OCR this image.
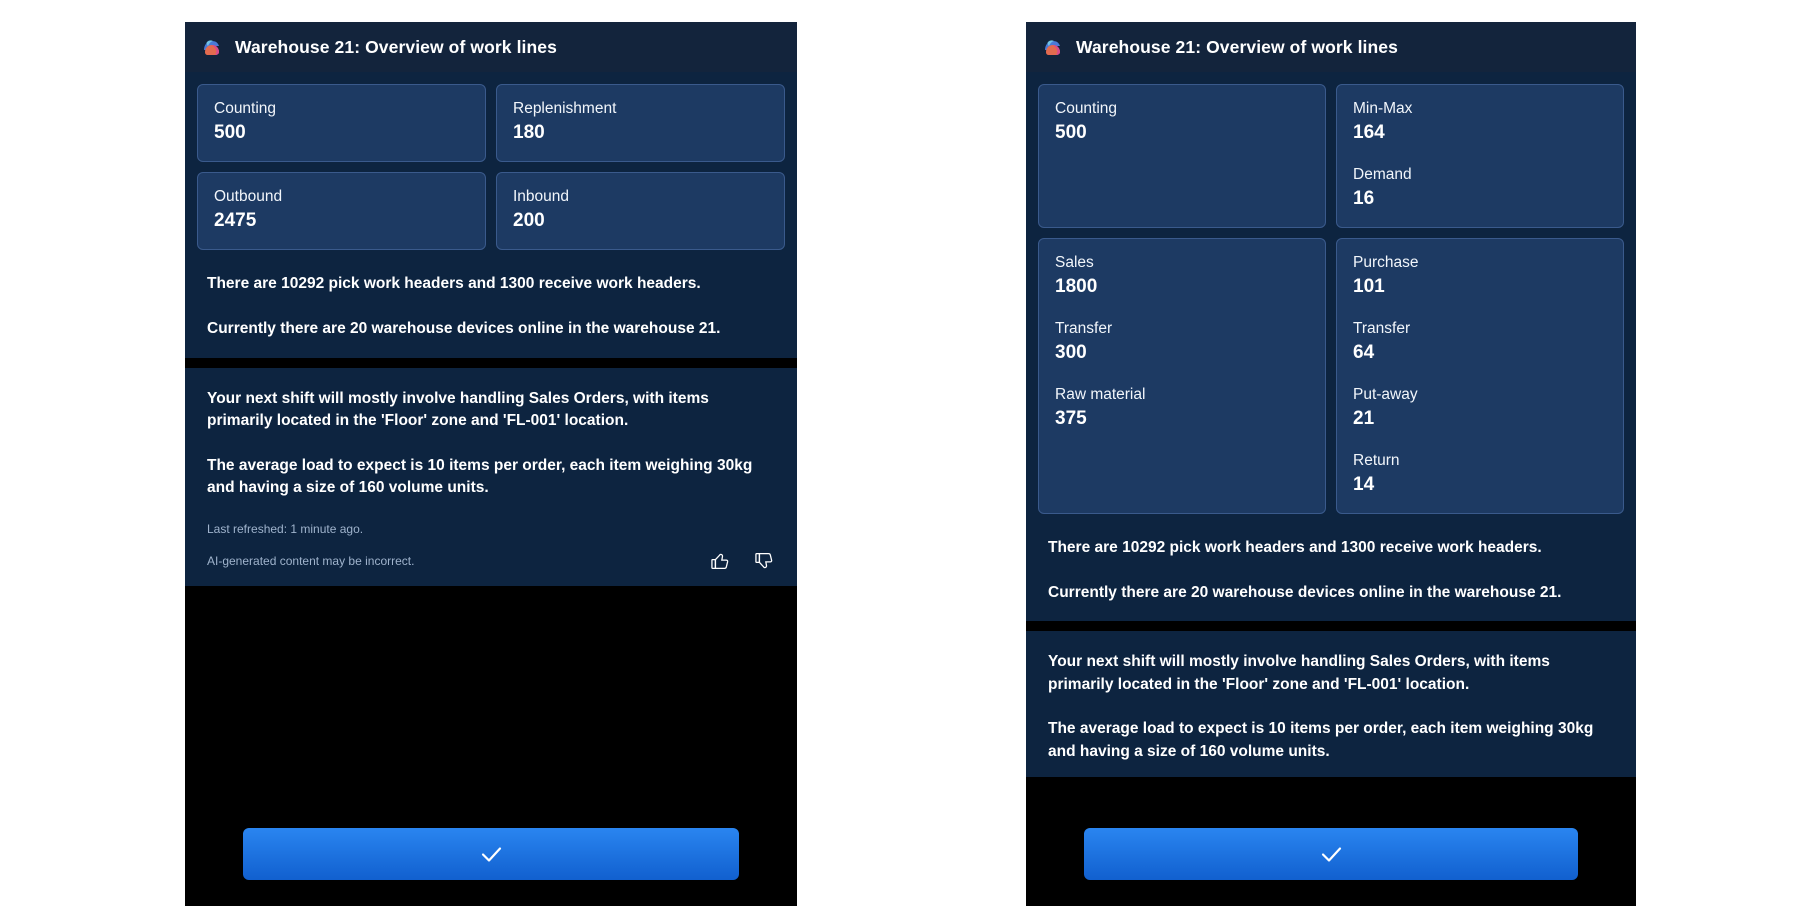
Warehouse 21: Overview of work lines
Counting
500
Replenishment
180
Outbound
2475
Inbound
200
There are 10292 pick work headers and 1300 receive work headers.
Currently there are 20 warehouse devices online in the warehouse 21.
Your next shift will mostly involve handling Sales Orders, with items primarily located in the 'Floor' zone and 'FL-001' location.
The average load to expect is 10 items per order, each item weighing 30kg and having a size of 160 volume units.
Last refreshed: 1 minute ago.
AI-generated content may be incorrect.
Warehouse 21: Overview of work lines
Counting
500
Min-Max
164
Demand
16
Sales
1800
Transfer
300
Raw material
375
Purchase
101
Transfer
64
Put-away
21
Return
14
There are 10292 pick work headers and 1300 receive work headers.
Currently there are 20 warehouse devices online in the warehouse 21.
Your next shift will mostly involve handling Sales Orders, with items primarily located in the 'Floor' zone and 'FL-001' location.
The average load to expect is 10 items per order, each item weighing 30kg and having a size of 160 volume units.
